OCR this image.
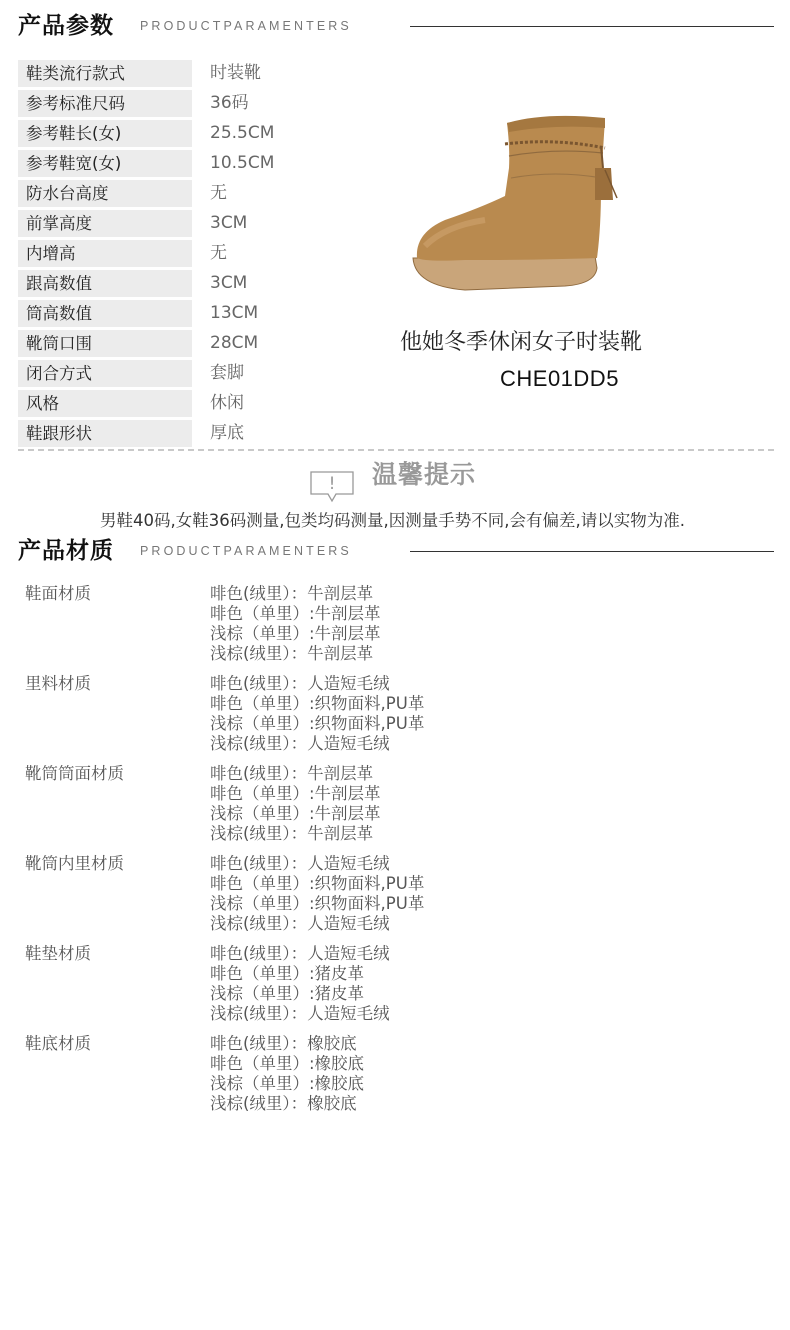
产品参数 PRODUCTPARAMENTERS
鞋类流行款式	时装靴
参考标准尺码	36码
参考鞋长(女)	25.5CM
参考鞋宽(女)	10.5CM
防水台高度	无
前掌高度	3CM
内增高	无
跟高数值	3CM
筒高数值	13CM
靴筒口围	28CM
闭合方式	套脚
风格	休闲
鞋跟形状	厚底
他她冬季休闲女子时装靴
CHE01DD5
! 温馨提示
男鞋40码,女鞋36码测量,包类均码测量,因测量手势不同,会有偏差,请以实物为准.
产品材质 PRODUCTPARAMENTERS
鞋面材质	啡色(绒里）：牛剖层革
啡色（单里）:牛剖层革
浅棕（单里）:牛剖层革
浅棕(绒里）：牛剖层革
里料材质	啡色(绒里）：人造短毛绒
啡色（单里）:织物面料,PU革
浅棕（单里）:织物面料,PU革
浅棕(绒里）：人造短毛绒
靴筒筒面材质	啡色(绒里）：牛剖层革
啡色（单里）:牛剖层革
浅棕（单里）:牛剖层革
浅棕(绒里）：牛剖层革
靴筒内里材质	啡色(绒里）：人造短毛绒
啡色（单里）:织物面料,PU革
浅棕（单里）:织物面料,PU革
浅棕(绒里）：人造短毛绒
鞋垫材质	啡色(绒里）：人造短毛绒
啡色（单里）:猪皮革
浅棕（单里）:猪皮革
浅棕(绒里）：人造短毛绒
鞋底材质	啡色(绒里）：橡胶底
啡色（单里）:橡胶底
浅棕（单里）:橡胶底
浅棕(绒里）：橡胶底
